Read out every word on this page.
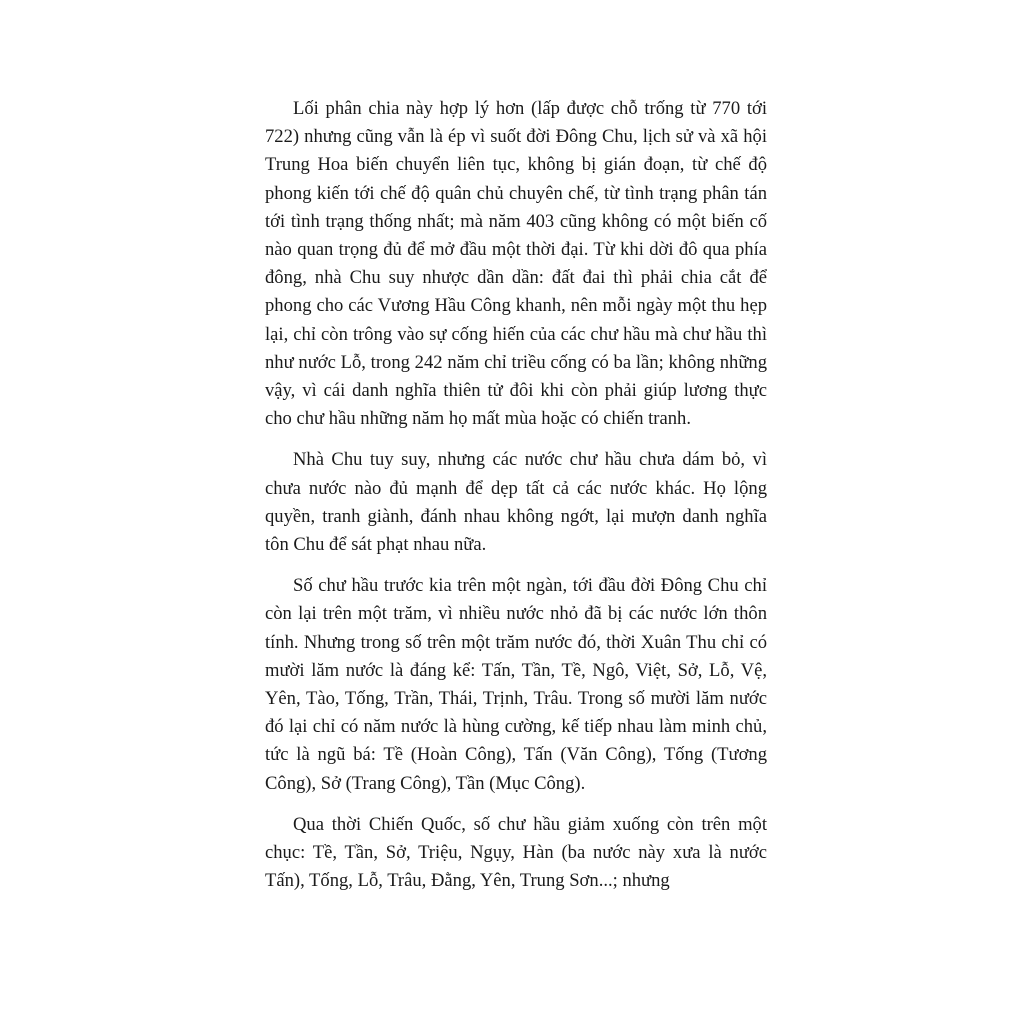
Lối phân chia này hợp lý hơn (lấp được chỗ trống từ 770 tới 722) nhưng cũng vẫn là ép vì suốt đời Đông Chu, lịch sử và xã hội Trung Hoa biến chuyển liên tục, không bị gián đoạn, từ chế độ phong kiến tới chế độ quân chủ chuyên chế, từ tình trạng phân tán tới tình trạng thống nhất; mà năm 403 cũng không có một biến cố nào quan trọng đủ để mở đầu một thời đại. Từ khi dời đô qua phía đông, nhà Chu suy nhược dần dần: đất đai thì phải chia cắt để phong cho các Vương Hầu Công khanh, nên mỗi ngày một thu hẹp lại, chỉ còn trông vào sự cống hiến của các chư hầu mà chư hầu thì như nước Lỗ, trong 242 năm chỉ triều cống có ba lần; không những vậy, vì cái danh nghĩa thiên tử đôi khi còn phải giúp lương thực cho chư hầu những năm họ mất mùa hoặc có chiến tranh.

Nhà Chu tuy suy, nhưng các nước chư hầu chưa dám bỏ, vì chưa nước nào đủ mạnh để dẹp tất cả các nước khác. Họ lộng quyền, tranh giành, đánh nhau không ngớt, lại mượn danh nghĩa tôn Chu để sát phạt nhau nữa.

Số chư hầu trước kia trên một ngàn, tới đầu đời Đông Chu chỉ còn lại trên một trăm, vì nhiều nước nhỏ đã bị các nước lớn thôn tính. Nhưng trong số trên một trăm nước đó, thời Xuân Thu chỉ có mười lăm nước là đáng kể: Tấn, Tần, Tề, Ngô, Việt, Sở, Lỗ, Vệ, Yên, Tào, Tống, Trần, Thái, Trịnh, Trâu. Trong số mười lăm nước đó lại chỉ có năm nước là hùng cường, kế tiếp nhau làm minh chủ, tức là ngũ bá: Tề (Hoàn Công), Tấn (Văn Công), Tống (Tương Công), Sở (Trang Công), Tần (Mục Công).

Qua thời Chiến Quốc, số chư hầu giảm xuống còn trên một chục: Tề, Tần, Sở, Triệu, Ngụy, Hàn (ba nước này xưa là nước Tấn), Tống, Lỗ, Trâu, Đằng, Yên, Trung Sơn...; nhưng
